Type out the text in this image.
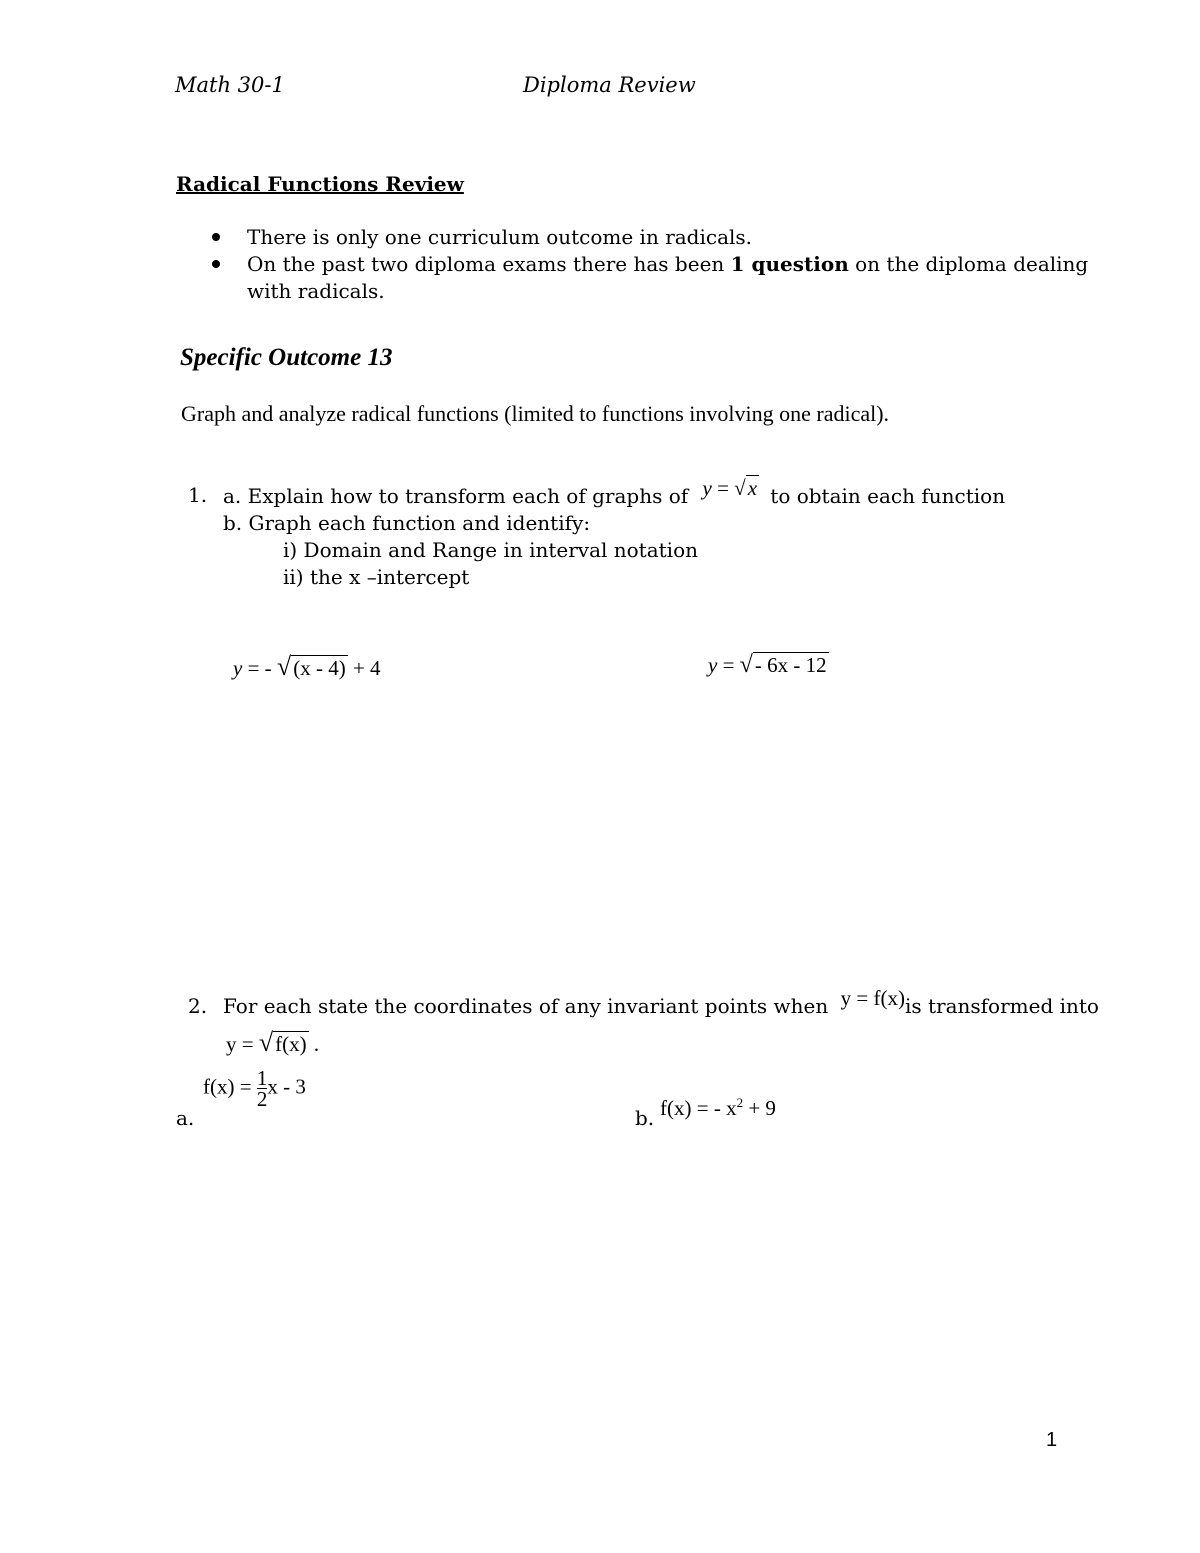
Math 30-1	Diploma Review
Radical Functions Review
There is only one curriculum outcome in radicals.
On the past two diploma exams there has been 1 question on the diploma dealing
with radicals.
Specific Outcome 13
Graph and analyze radical functions (limited to functions involving one radical).
1. a. Explain how to transform each of graphs of y = √x to obtain each function
b. Graph each function and identify:
i) Domain and Range in interval notation
ii) the x –intercept
y = - √(x - 4) + 4	y = √- 6x - 12
2. For each state the coordinates of any invariant points when y = f(x)is transformed into
y = √f(x) .
a.
$f(x) = \frac{1}{2}$ x - 3
b. f(x) = - $x^2 + 9$
1
